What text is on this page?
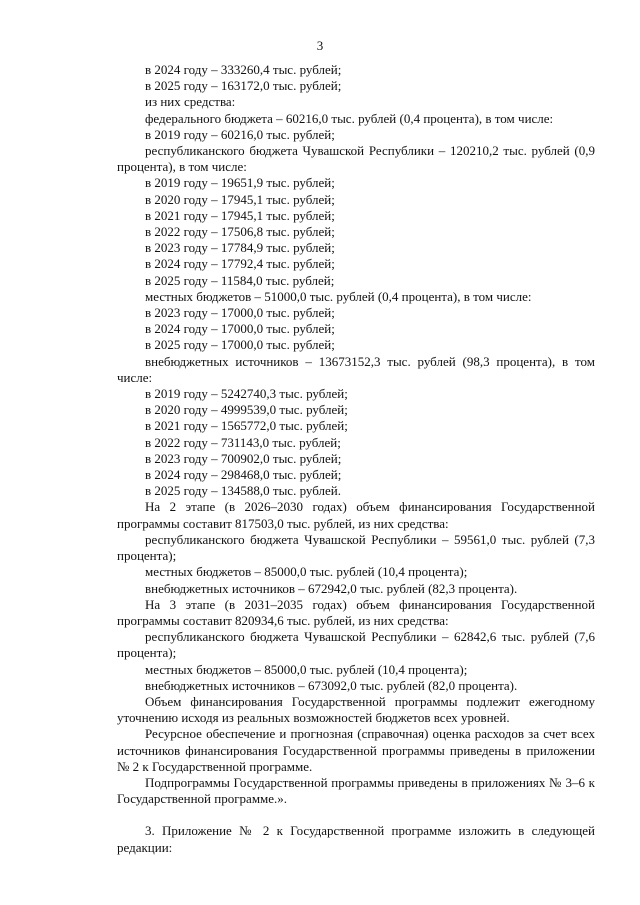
3

в 2024 году – 333260,4 тыс. рублей;

в 2025 году – 163172,0 тыс. рублей;

из них средства:

федерального бюджета – 60216,0 тыс. рублей (0,4 процента), в том числе:

в 2019 году – 60216,0 тыс. рублей;

республиканского бюджета Чувашской Республики – 120210,2 тыс. рублей (0,9 процента), в том числе:

в 2019 году – 19651,9 тыс. рублей;

в 2020 году – 17945,1 тыс. рублей;

в 2021 году – 17945,1 тыс. рублей;

в 2022 году – 17506,8 тыс. рублей;

в 2023 году – 17784,9 тыс. рублей;

в 2024 году – 17792,4 тыс. рублей;

в 2025 году – 11584,0 тыс. рублей;

местных бюджетов – 51000,0 тыс. рублей (0,4 процента), в том числе:

в 2023 году – 17000,0 тыс. рублей;

в 2024 году – 17000,0 тыс. рублей;

в 2025 году – 17000,0 тыс. рублей;

внебюджетных источников – 13673152,3 тыс. рублей (98,3 процента), в том числе:

в 2019 году – 5242740,3 тыс. рублей;

в 2020 году – 4999539,0 тыс. рублей;

в 2021 году – 1565772,0 тыс. рублей;

в 2022 году – 731143,0 тыс. рублей;

в 2023 году – 700902,0 тыс. рублей;

в 2024 году – 298468,0 тыс. рублей;

в 2025 году – 134588,0 тыс. рублей.

На 2 этапе (в 2026–2030 годах) объем финансирования Государственной программы составит 817503,0 тыс. рублей, из них средства:

республиканского бюджета Чувашской Республики – 59561,0 тыс. рублей (7,3 процента);

местных бюджетов – 85000,0 тыс. рублей (10,4 процента);

внебюджетных источников – 672942,0 тыс. рублей (82,3 процента).

На 3 этапе (в 2031–2035 годах) объем финансирования Государственной программы составит 820934,6 тыс. рублей, из них средства:

республиканского бюджета Чувашской Республики – 62842,6 тыс. рублей (7,6 процента);

местных бюджетов – 85000,0 тыс. рублей (10,4 процента);

внебюджетных источников – 673092,0 тыс. рублей (82,0 процента).

Объем финансирования Государственной программы подлежит ежегодному уточнению исходя из реальных возможностей бюджетов всех уровней.

Ресурсное обеспечение и прогнозная (справочная) оценка расходов за счет всех источников финансирования Государственной программы приведены в приложении № 2 к Государственной программе.

Подпрограммы Государственной программы приведены в приложениях № 3–6 к Государственной программе.».

3. Приложение № 2 к Государственной программе изложить в следующей редакции:
